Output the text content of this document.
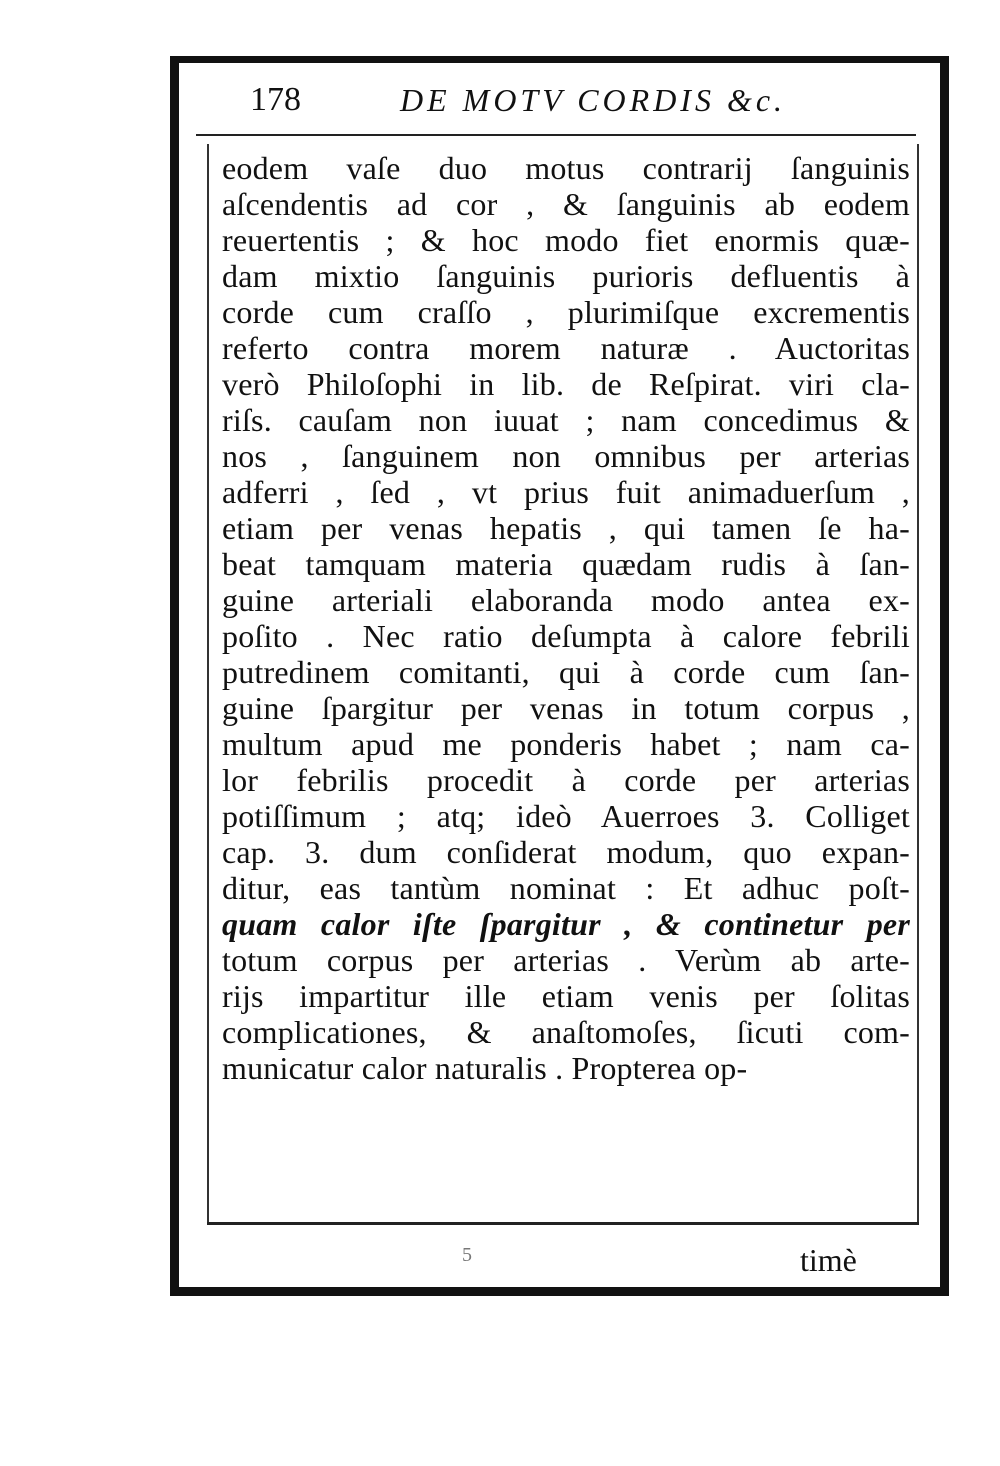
178	DE MOTV CORDIS &c.
eodem vaſe duo motus contrarij ſanguinis
aſcendentis ad cor , & ſanguinis ab eodem
reuertentis ; & hoc modo fiet enormis quæ-
dam mixtio ſanguinis purioris defluentis à
corde cum craſſo , plurimiſque excrementis
referto contra morem naturæ . Auctoritas
verò Philoſophi in lib. de Reſpirat. viri cla-
riſs. cauſam non iuuat ; nam concedimus &
nos , ſanguinem non omnibus per arterias
adferri , ſed , vt prius fuit animaduerſum ,
etiam per venas hepatis , qui tamen ſe ha-
beat tamquam materia quædam rudis à ſan-
guine arteriali elaboranda modo antea ex-
poſito . Nec ratio deſumpta à calore febrili
putredinem comitanti, qui à corde cum ſan-
guine ſpargitur per venas in totum corpus ,
multum apud me ponderis habet ; nam ca-
lor febrilis procedit à corde per arterias
potiſſimum ; atq; ideò Auerroes 3. Colliget
cap. 3. dum conſiderat modum, quo expan-
ditur, eas tantùm nominat : Et adhuc poſt-
quam calor iſte ſpargitur , & continetur per
totum corpus per arterias . Verùm ab arte-
rijs impartitur ille etiam venis per ſolitas
complicationes, & anaſtomoſes, ſicuti com-
municatur calor naturalis . Propterea op-
5	timè
